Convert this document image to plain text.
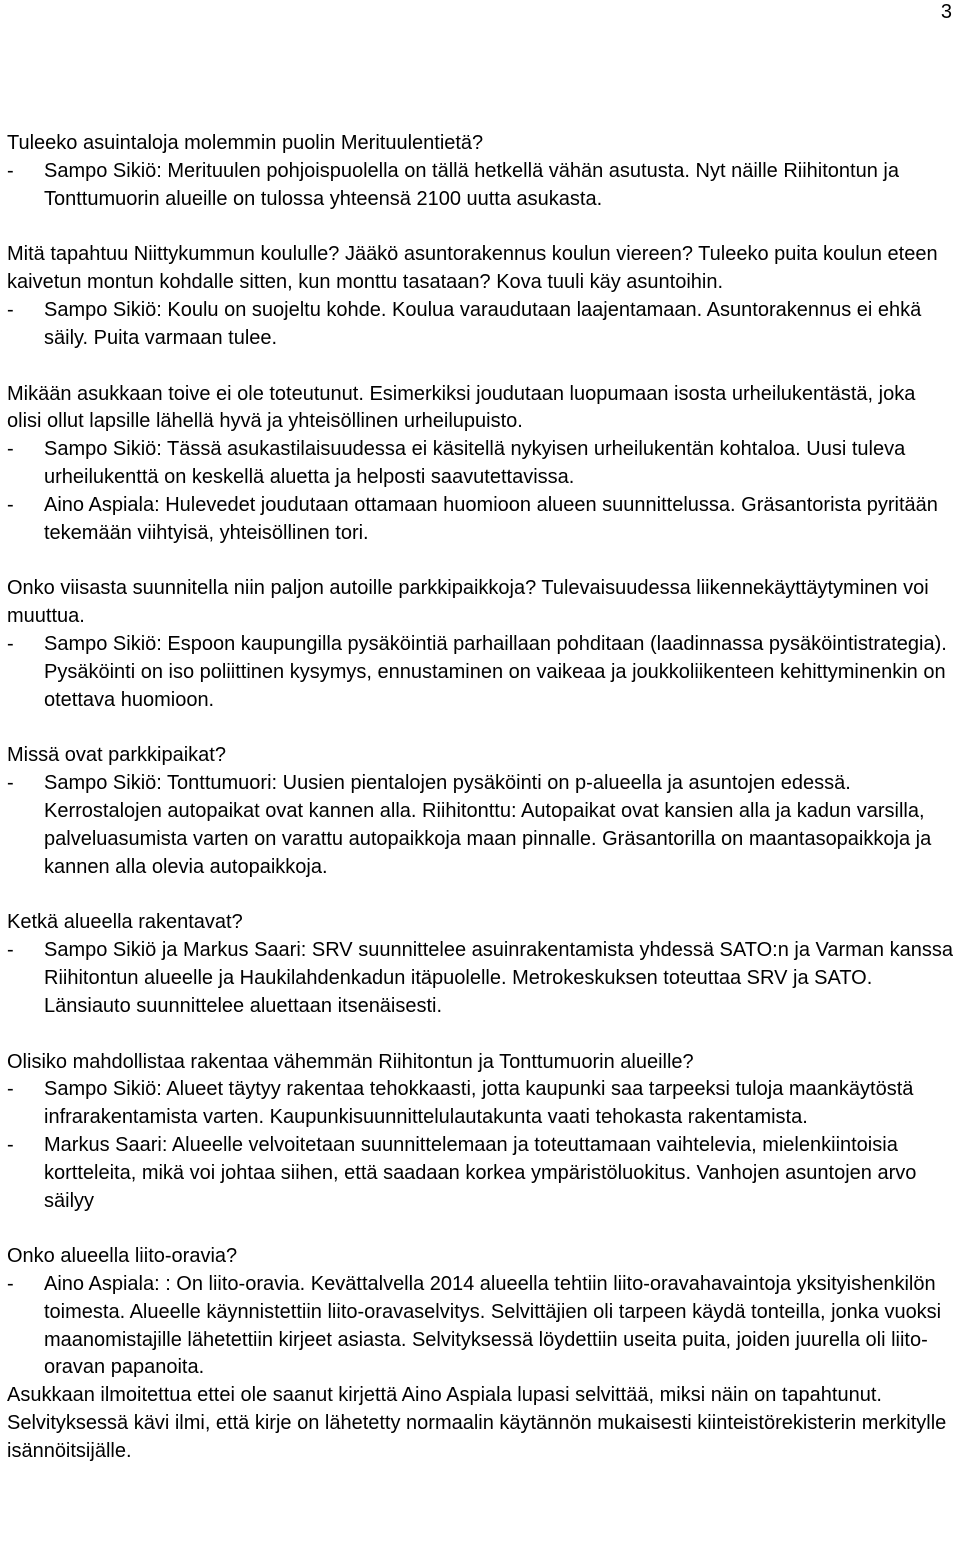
3
Tuleeko asuintaloja molemmin puolin Merituulentietä?
-	Sampo Sikiö: Merituulen pohjoispuolella on tällä hetkellä vähän asutusta. Nyt näille Riihitontun ja Tonttumuorin alueille on tulossa yhteensä 2100 uutta asukasta.
Mitä tapahtuu Niittykummun koululle? Jääkö asuntorakennus koulun viereen? Tuleeko puita koulun eteen kaivetun montun kohdalle sitten, kun monttu tasataan? Kova tuuli käy asuntoihin.
-	Sampo Sikiö: Koulu on suojeltu kohde. Koulua varaudutaan laajentamaan. Asuntorakennus ei ehkä säily. Puita varmaan tulee.
Mikään asukkaan toive ei ole toteutunut. Esimerkiksi joudutaan luopumaan isosta urheilukentästä, joka olisi ollut lapsille lähellä hyvä ja yhteisöllinen urheilupuisto.
-	Sampo Sikiö: Tässä asukastilaisuudessa ei käsitellä nykyisen urheilukentän kohtaloa. Uusi tuleva urheilukenttä on keskellä aluetta ja helposti saavutettavissa.
-	Aino Aspiala: Hulevedet joudutaan ottamaan huomioon alueen suunnittelussa. Gräsantorista pyritään tekemään viihtyisä, yhteisöllinen tori.
Onko viisasta suunnitella niin paljon autoille parkkipaikkoja? Tulevaisuudessa liikennekäyttäytyminen voi muuttua.
-	Sampo Sikiö: Espoon kaupungilla pysäköintiä parhaillaan pohditaan (laadinnassa pysäköintistrategia). Pysäköinti on iso poliittinen kysymys, ennustaminen on vaikeaa ja joukkoliikenteen kehittyminenkin on otettava huomioon.
Missä ovat parkkipaikat?
-	Sampo Sikiö: Tonttumuori: Uusien pientalojen pysäköinti on p-alueella ja asuntojen edessä. Kerrostalojen autopaikat ovat kannen alla. Riihitonttu: Autopaikat ovat kansien alla ja kadun varsilla, palveluasumista varten on varattu autopaikkoja maan pinnalle. Gräsantorilla on maantasopaikkoja ja kannen alla olevia autopaikkoja.
Ketkä alueella rakentavat?
-	Sampo Sikiö ja Markus Saari: SRV suunnittelee asuinrakentamista yhdessä SATO:n ja Varman kanssa Riihitontun alueelle ja Haukilahdenkadun itäpuolelle. Metrokeskuksen toteuttaa SRV ja SATO. Länsiauto suunnittelee aluettaan itsenäisesti.
Olisiko mahdollistaa rakentaa vähemmän Riihitontun ja Tonttumuorin alueille?
-	Sampo Sikiö: Alueet täytyy rakentaa tehokkaasti, jotta kaupunki saa tarpeeksi tuloja maankäytöstä infrarakentamista varten. Kaupunkisuunnittelulautakunta vaati tehokasta rakentamista.
-	Markus Saari: Alueelle velvoitetaan suunnittelemaan ja toteuttamaan vaihtelevia, mielenkiintoisia kortteleita, mikä voi johtaa siihen, että saadaan korkea ympäristöluokitus. Vanhojen asuntojen arvo säilyy
Onko alueella liito-oravia?
-	Aino Aspiala: : On liito-oravia. Kevättalvella 2014 alueella tehtiin liito-oravahavaintoja yksityishenkilön toimesta. Alueelle käynnistettiin liito-oravaselvitys. Selvittäjien oli tarpeen käydä tonteilla, jonka vuoksi maanomistajille lähetettiin kirjeet asiasta. Selvityksessä löydettiin useita puita, joiden juurella oli liito-oravan papanoita.
Asukkaan ilmoitettua ettei ole saanut kirjettä Aino Aspiala lupasi selvittää, miksi näin on tapahtunut. Selvityksessä kävi ilmi, että kirje on lähetetty normaalin käytännön mukaisesti kiinteistörekisterin merkitylle isännöitsijälle.
